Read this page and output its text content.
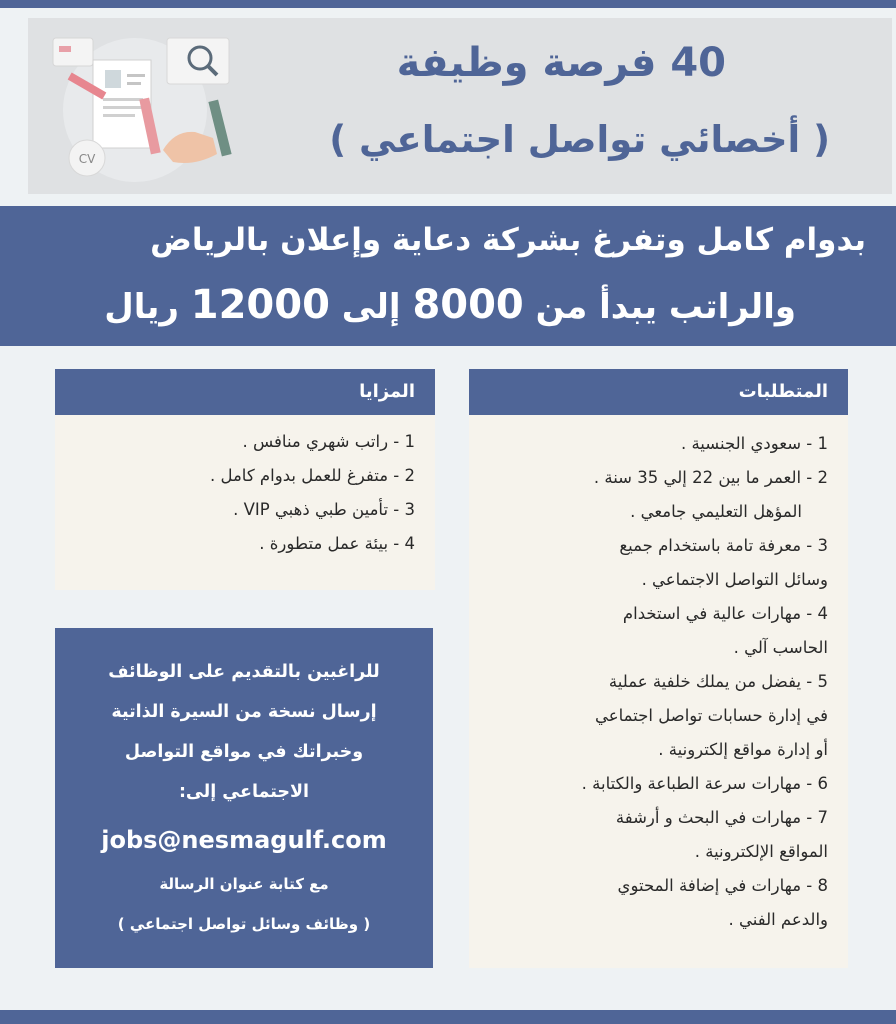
CV
40 فرصة وظيفة
( أخصائي تواصل اجتماعي )
بدوام كامل وتفرغ بشركة دعاية وإعلان بالرياض
والراتب يبدأ من 8000 إلى 12000 ريال
المتطلبات
1 - سعودي الجنسية .
2 - العمر ما بين 22 إلي 35 سنة .
المؤهل التعليمي جامعي .
3 - معرفة تامة باستخدام جميع
وسائل التواصل الاجتماعي .
4 - مهارات عالية في استخدام
الحاسب آلي .
5 - يفضل من يملك خلفية عملية
في إدارة حسابات تواصل اجتماعي
أو إدارة مواقع إلكترونية .
6 - مهارات سرعة الطباعة والكتابة .
7 - مهارات في البحث و أرشفة
المواقع الإلكترونية .
8 - مهارات في إضافة المحتوي
والدعم الفني .
المزايا
1 - راتب شهري منافس .
2 - متفرغ للعمل بدوام كامل .
3 - تأمين طبي ذهبي VIP .
4 - بيئة عمل متطورة .
للراغبين بالتقديم على الوظائف
إرسال نسخة من السيرة الذاتية
وخبراتك في مواقع التواصل
الاجتماعي إلى:
jobs@nesmagulf.com
مع كتابة عنوان الرسالة
( وظائف وسائل تواصل اجتماعي )
